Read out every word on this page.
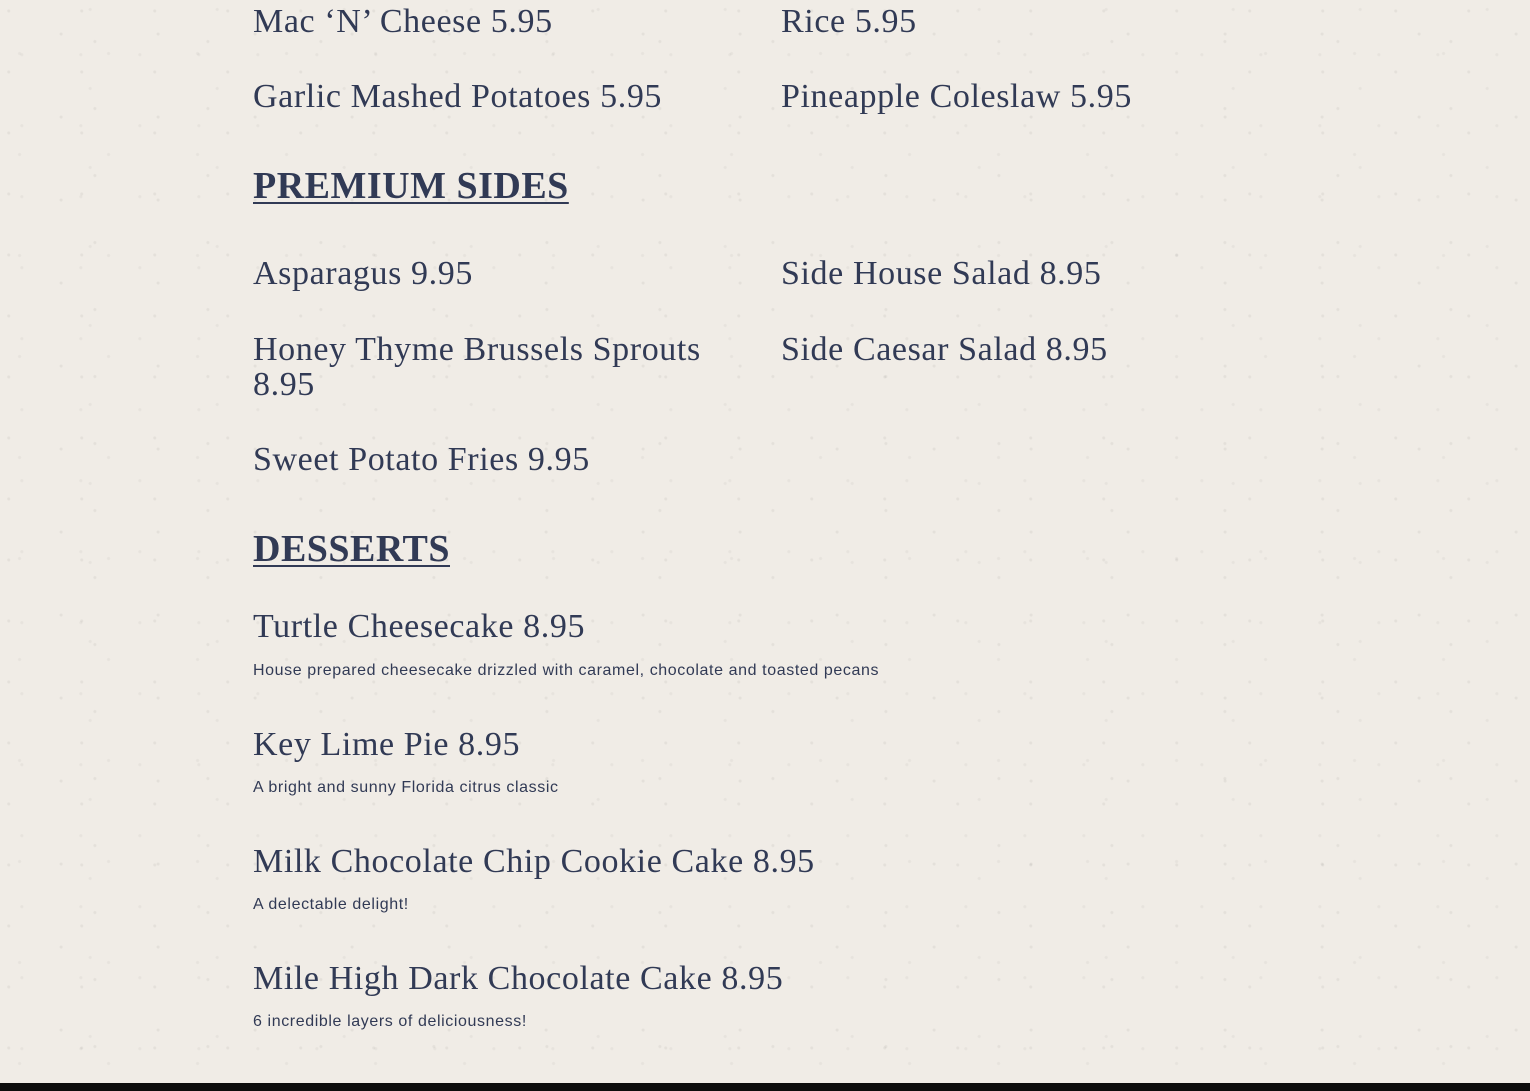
Mac ‘N’ Cheese 5.95	Rice 5.95

Garlic Mashed Potatoes 5.95	Pineapple Coleslaw 5.95

PREMIUM SIDES

Asparagus 9.95	Side House Salad 8.95

Honey Thyme Brussels Sprouts 8.95

Side Caesar Salad 8.95

Sweet Potato Fries 9.95

DESSERTS

Turtle Cheesecake 8.95

House prepared cheesecake drizzled with caramel, chocolate and toasted pecans

Key Lime Pie 8.95

A bright and sunny Florida citrus classic

Milk Chocolate Chip Cookie Cake 8.95

A delectable delight!

Mile High Dark Chocolate Cake 8.95

6 incredible layers of deliciousness!
